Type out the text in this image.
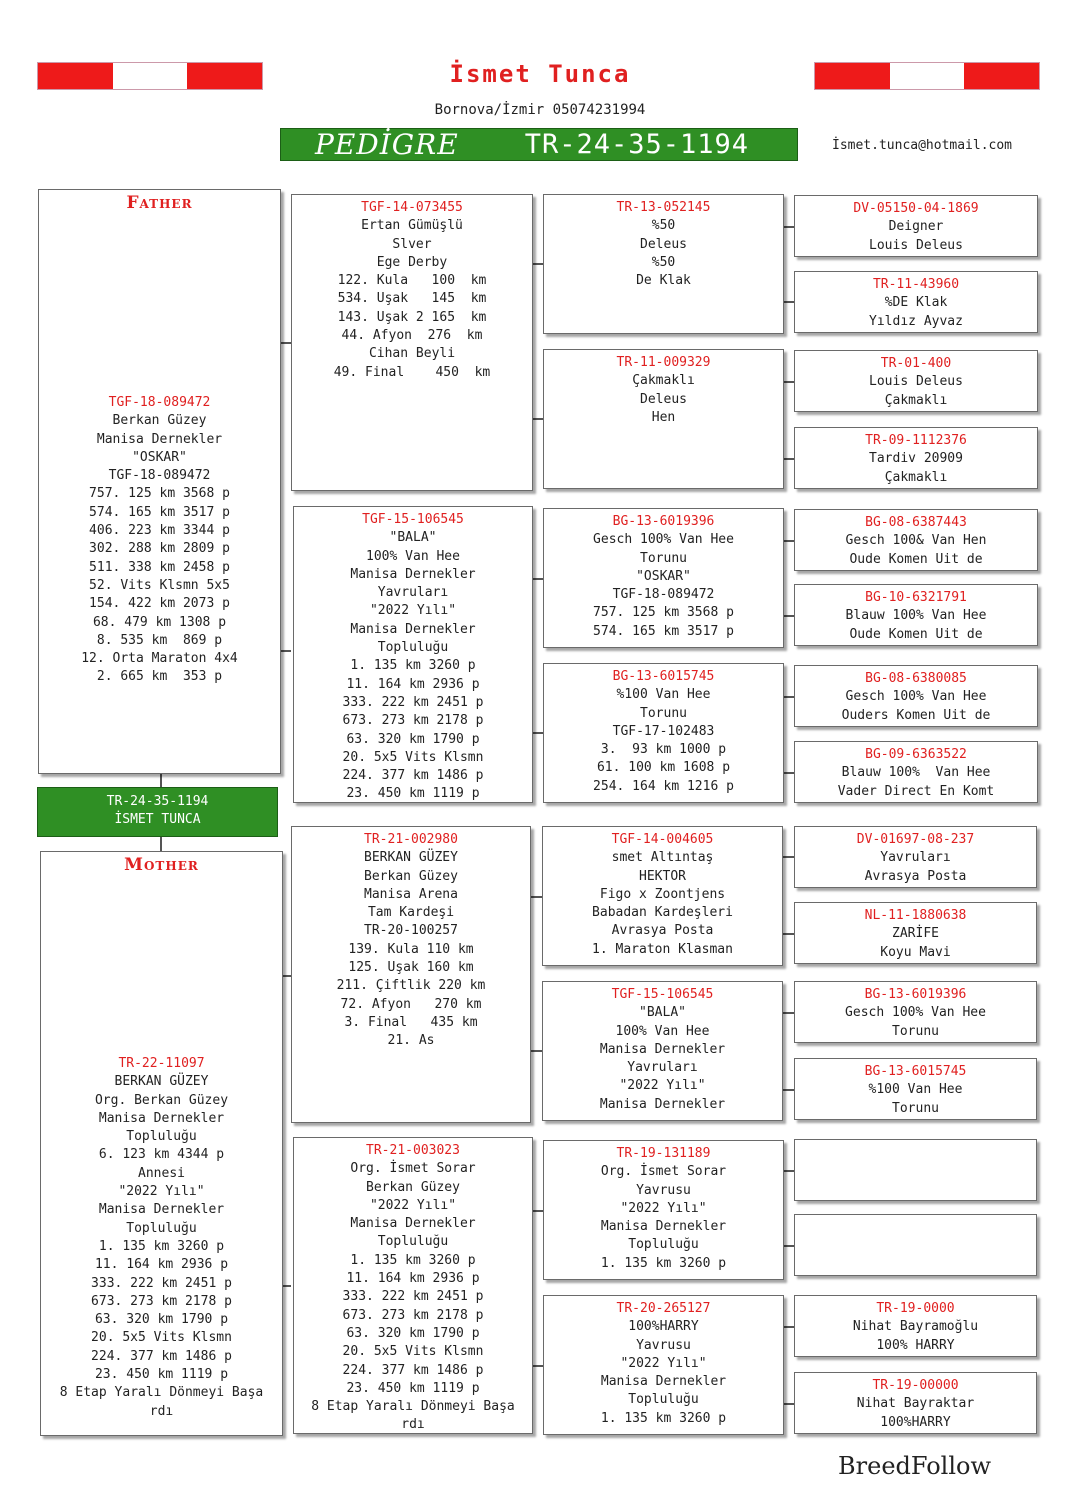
İsmet Tunca
Bornova/İzmir 05074231994
PEDİGRE TR-24-35-1194	İsmet.tunca@hotmail.com

Father

TGF-18-089472
Berkan Güzey
Manisa Dernekler
"OSKAR"
TGF-18-089472
757. 125 km 3568 p
574. 165 km 3517 p
406. 223 km 3344 p
302. 288 km 2809 p
511. 338 km 2458 p
52. Vits Klsmn 5x5
154. 422 km 2073 p
68. 479 km 1308 p
8. 535 km  869 p
12. Orta Maraton 4x4
2. 665 km  353 p
TR-24-35-1194
İSMET TUNCA

Mother

TR-22-11097
BERKAN GÜZEY
Org. Berkan Güzey
Manisa Dernekler
Topluluğu
6. 123 km 4344 p
Annesi
"2022 Yılı"
Manisa Dernekler
Topluluğu
1. 135 km 3260 p
11. 164 km 2936 p
333. 222 km 2451 p
673. 273 km 2178 p
63. 320 km 1790 p
20. 5x5 Vits Klsmn
224. 377 km 1486 p
23. 450 km 1119 p
8 Etap Yaralı Dönmeyi Başa
rdı
TGF-14-073455
Ertan Gümüşlü
Slver
Ege Derby
122. Kula   100  km
534. Uşak   145  km
143. Uşak 2 165  km
44. Afyon  276  km
Cihan Beyli
49. Final    450  km
TGF-15-106545
"BALA"
100% Van Hee
Manisa Dernekler
Yavruları
"2022 Yılı"
Manisa Dernekler
Topluluğu
1. 135 km 3260 p
11. 164 km 2936 p
333. 222 km 2451 p
673. 273 km 2178 p
63. 320 km 1790 p
20. 5x5 Vits Klsmn
224. 377 km 1486 p
23. 450 km 1119 p
TR-21-002980
BERKAN GÜZEY
Berkan Güzey
Manisa Arena
Tam Kardeşi
TR-20-100257
139. Kula 110 km
125. Uşak 160 km
211. Çiftlik 220 km
72. Afyon   270 km
3. Final   435 km
21. As
TR-21-003023
Org. İsmet Sorar
Berkan Güzey
"2022 Yılı"
Manisa Dernekler
Topluluğu
1. 135 km 3260 p
11. 164 km 2936 p
333. 222 km 2451 p
673. 273 km 2178 p
63. 320 km 1790 p
20. 5x5 Vits Klsmn
224. 377 km 1486 p
23. 450 km 1119 p
8 Etap Yaralı Dönmeyi Başa
rdı
TR-13-052145
%50
Deleus
%50
De Klak
TR-11-009329
Çakmaklı
Deleus
Hen
BG-13-6019396
Gesch 100% Van Hee
Torunu
"OSKAR"
TGF-18-089472
757. 125 km 3568 p
574. 165 km 3517 p
BG-13-6015745
%100 Van Hee
Torunu
TGF-17-102483
3.  93 km 1000 p
61. 100 km 1608 p
254. 164 km 1216 p
TGF-14-004605
smet Altıntaş
HEKTOR
Figo x Zoontjens
Babadan Kardeşleri
Avrasya Posta
1. Maraton Klasman
TGF-15-106545
"BALA"
100% Van Hee
Manisa Dernekler
Yavruları
"2022 Yılı"
Manisa Dernekler
TR-19-131189
Org. İsmet Sorar
Yavrusu
"2022 Yılı"
Manisa Dernekler
Topluluğu
1. 135 km 3260 p
TR-20-265127
100%HARRY
Yavrusu
"2022 Yılı"
Manisa Dernekler
Topluluğu
1. 135 km 3260 p
DV-05150-04-1869
Deigner
Louis Deleus
TR-11-43960
%DE Klak
Yıldız Ayvaz
TR-01-400
Louis Deleus
Çakmaklı
TR-09-1112376
Tardiv 20909
Çakmaklı
BG-08-6387443
Gesch 100& Van Hen
Oude Komen Uit de
BG-10-6321791
Blauw 100% Van Hee
Oude Komen Uit de
BG-08-6380085
Gesch 100% Van Hee
Ouders Komen Uit de
BG-09-6363522
Blauw 100%  Van Hee
Vader Direct En Komt
DV-01697-08-237
Yavruları
Avrasya Posta
NL-11-1880638
ZARİFE
Koyu Mavi
BG-13-6019396
Gesch 100% Van Hee
Torunu
BG-13-6015745
%100 Van Hee
Torunu
TR-19-0000
Nihat Bayramoğlu
100% HARRY
TR-19-00000
Nihat Bayraktar
100%HARRY
BreedFollow
